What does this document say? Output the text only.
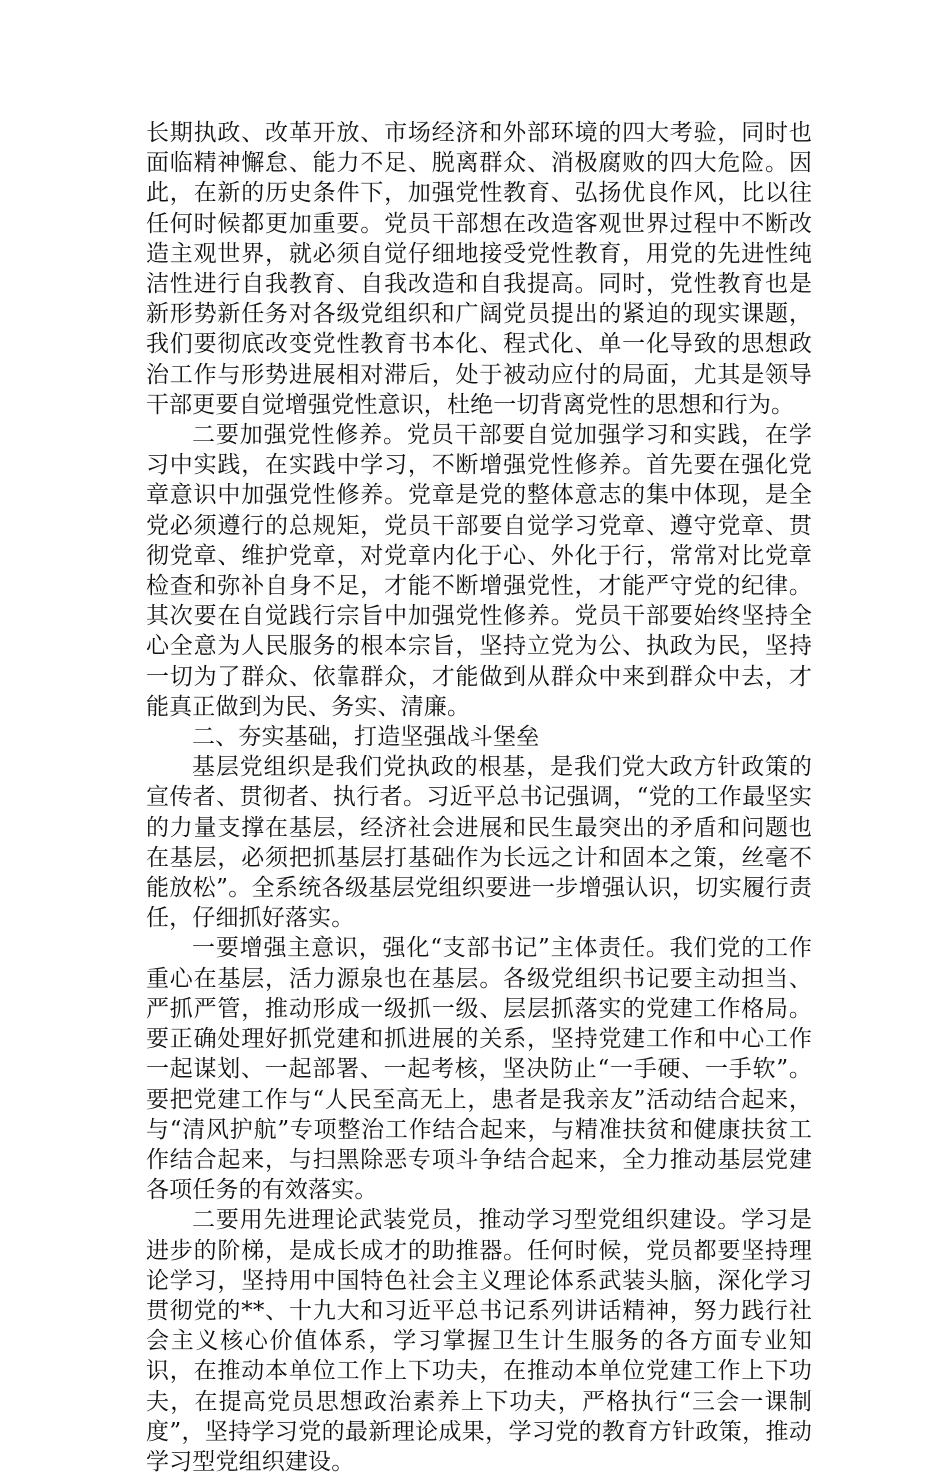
长期执政、改革开放、市场经济和外部环境的四大考验，同时也面临精神懈怠、能力不足、脱离群众、消极腐败的四大危险。因此，在新的历史条件下，加强党性教育、弘扬优良作风，比以往任何时候都更加重要。党员干部想在改造客观世界过程中不断改造主观世界，就必须自觉仔细地接受党性教育，用党的先进性纯洁性进行自我教育、自我改造和自我提高。同时，党性教育也是新形势新任务对各级党组织和广阔党员提出的紧迫的现实课题，我们要彻底改变党性教育书本化、程式化、单一化导致的思想政治工作与形势进展相对滞后，处于被动应付的局面，尤其是领导干部更要自觉增强党性意识，杜绝一切背离党性的思想和行为。

二要加强党性修养。党员干部要自觉加强学习和实践，在学习中实践，在实践中学习，不断增强党性修养。首先要在强化党章意识中加强党性修养。党章是党的整体意志的集中体现，是全党必须遵行的总规矩，党员干部要自觉学习党章、遵守党章、贯彻党章、维护党章，对党章内化于心、外化于行，常常对比党章检查和弥补自身不足，才能不断增强党性，才能严守党的纪律。其次要在自觉践行宗旨中加强党性修养。党员干部要始终坚持全心全意为人民服务的根本宗旨，坚持立党为公、执政为民，坚持一切为了群众、依靠群众，才能做到从群众中来到群众中去，才能真正做到为民、务实、清廉。

二、夯实基础，打造坚强战斗堡垒

基层党组织是我们党执政的根基，是我们党大政方针政策的宣传者、贯彻者、执行者。习近平总书记强调，“党的工作最坚实的力量支撑在基层，经济社会进展和民生最突出的矛盾和问题也在基层，必须把抓基层打基础作为长远之计和固本之策，丝毫不能放松”。全系统各级基层党组织要进一步增强认识，切实履行责任，仔细抓好落实。

一要增强主意识，强化“支部书记”主体责任。我们党的工作重心在基层，活力源泉也在基层。各级党组织书记要主动担当、严抓严管，推动形成一级抓一级、层层抓落实的党建工作格局。要正确处理好抓党建和抓进展的关系，坚持党建工作和中心工作一起谋划、一起部署、一起考核，坚决防止“一手硬、一手软”。要把党建工作与“人民至高无上，患者是我亲友”活动结合起来，与“清风护航”专项整治工作结合起来，与精准扶贫和健康扶贫工作结合起来，与扫黑除恶专项斗争结合起来，全力推动基层党建各项任务的有效落实。

二要用先进理论武装党员，推动学习型党组织建设。学习是进步的阶梯，是成长成才的助推器。任何时候，党员都要坚持理论学习，坚持用中国特色社会主义理论体系武装头脑，深化学习贯彻党的**、十九大和习近平总书记系列讲话精神，努力践行社会主义核心价值体系，学习掌握卫生计生服务的各方面专业知识，在推动本单位工作上下功夫，在推动本单位党建工作上下功夫，在提高党员思想政治素养上下功夫，严格执行“三会一课制度”，坚持学习党的最新理论成果，学习党的教育方针政策，推动学习型党组织建设。
